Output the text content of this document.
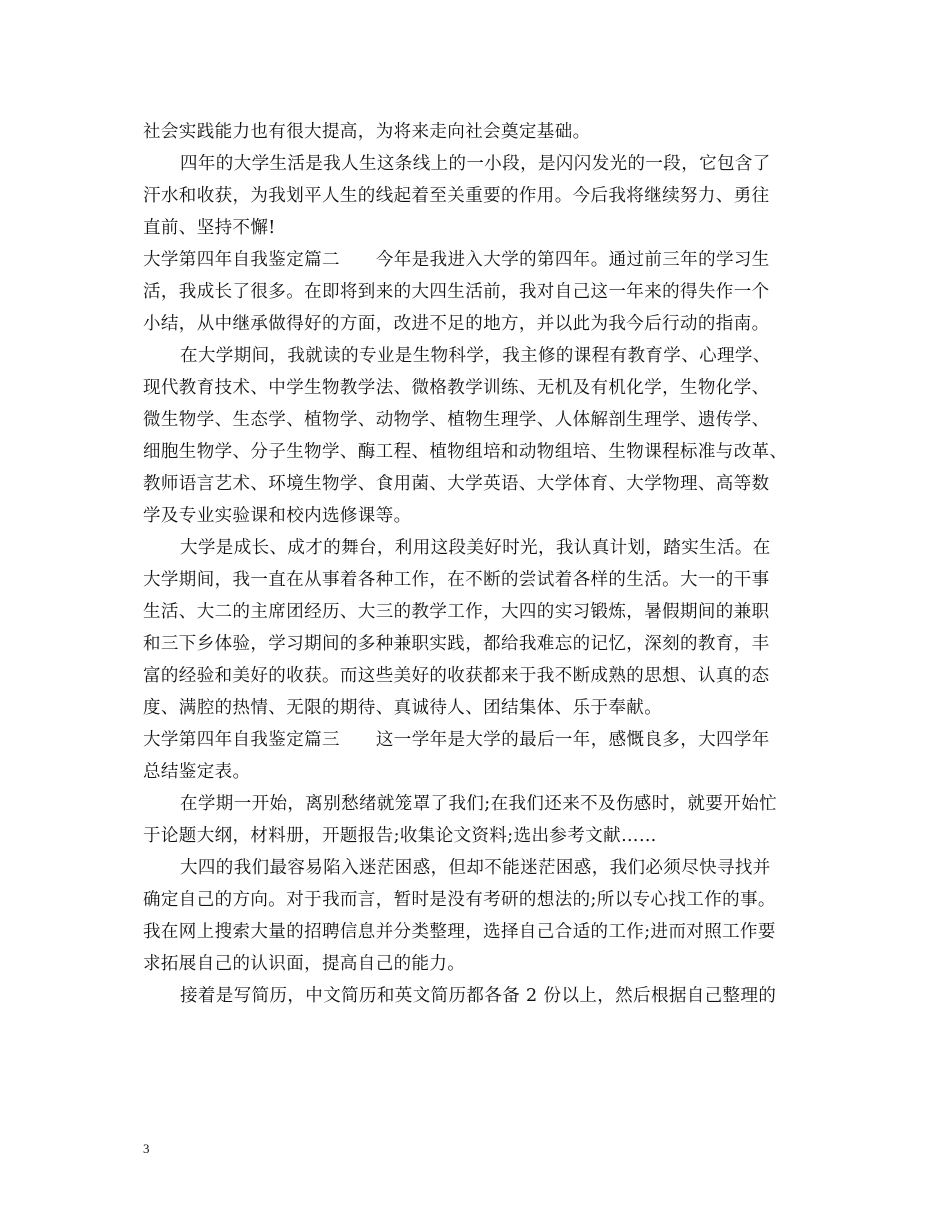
社会实践能力也有很大提高，为将来走向社会奠定基础。
四年的大学生活是我人生这条线上的一小段，是闪闪发光的一段，它包含了
汗水和收获，为我划平人生的线起着至关重要的作用。今后我将继续努力、勇往
直前、坚持不懈!
大学第四年自我鉴定篇二 今年是我进入大学的第四年。通过前三年的学习生
活，我成长了很多。在即将到来的大四生活前，我对自己这一年来的得失作一个
小结，从中继承做得好的方面，改进不足的地方，并以此为我今后行动的指南。
在大学期间，我就读的专业是生物科学，我主修的课程有教育学、心理学、
现代教育技术、中学生物教学法、微格教学训练、无机及有机化学，生物化学、
微生物学、生态学、植物学、动物学、植物生理学、人体解剖生理学、遗传学、
细胞生物学、分子生物学、酶工程、植物组培和动物组培、生物课程标准与改革、
教师语言艺术、环境生物学、食用菌、大学英语、大学体育、大学物理、高等数
学及专业实验课和校内选修课等。
大学是成长、成才的舞台，利用这段美好时光，我认真计划，踏实生活。在
大学期间，我一直在从事着各种工作，在不断的尝试着各样的生活。大一的干事
生活、大二的主席团经历、大三的教学工作，大四的实习锻炼，暑假期间的兼职
和三下乡体验，学习期间的多种兼职实践，都给我难忘的记忆，深刻的教育，丰
富的经验和美好的收获。而这些美好的收获都来于我不断成熟的思想、认真的态
度、满腔的热情、无限的期待、真诚待人、团结集体、乐于奉献。
大学第四年自我鉴定篇三 这一学年是大学的最后一年，感慨良多，大四学年
总结鉴定表。
在学期一开始，离别愁绪就笼罩了我们;在我们还来不及伤感时，就要开始忙
于论题大纲，材料册，开题报告;收集论文资料;选出参考文献……
大四的我们最容易陷入迷茫困惑，但却不能迷茫困惑，我们必须尽快寻找并
确定自己的方向。对于我而言，暂时是没有考研的想法的;所以专心找工作的事。
我在网上搜索大量的招聘信息并分类整理，选择自己合适的工作;进而对照工作要
求拓展自己的认识面，提高自己的能力。
接着是写简历，中文简历和英文简历都各备 2 份以上，然后根据自己整理的
3
